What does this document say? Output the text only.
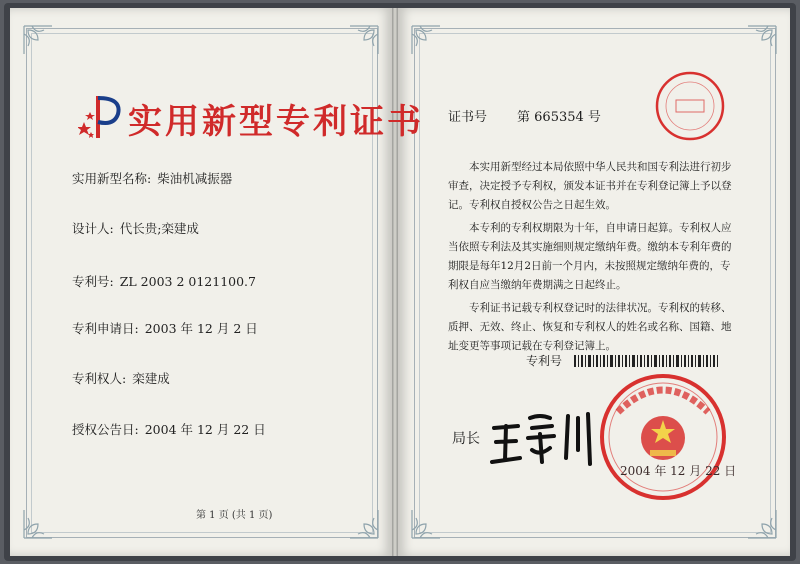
实用新型专利证书
实用新型名称: 柴油机减振器
设计人: 代长贵;栾建成
专利号: ZL 2003 2 0121100.7
专利申请日: 2003 年 12 月 2 日
专利权人: 栾建成
授权公告日: 2004 年 12 月 22 日
第 1 页 (共 1 页)
证书号 第 665354 号

本实用新型经过本局依照中华人民共和国专利法进行初步审查，决定授予专利权，颁发本证书并在专利登记簿上予以登记。专利权自授权公告之日起生效。

本专利的专利权期限为十年，自申请日起算。专利权人应当依照专利法及其实施细则规定缴纳年费。缴纳本专利年费的期限是每年12月2日前一个月内，未按照规定缴纳年费的，专利权自应当缴纳年费期满之日起终止。

专利证书记载专利权登记时的法律状况。专利权的转移、质押、无效、终止、恢复和专利权人的姓名或名称、国籍、地址变更等事项记载在专利登记簿上。

专利号
局长
2004 年 12 月 22 日
